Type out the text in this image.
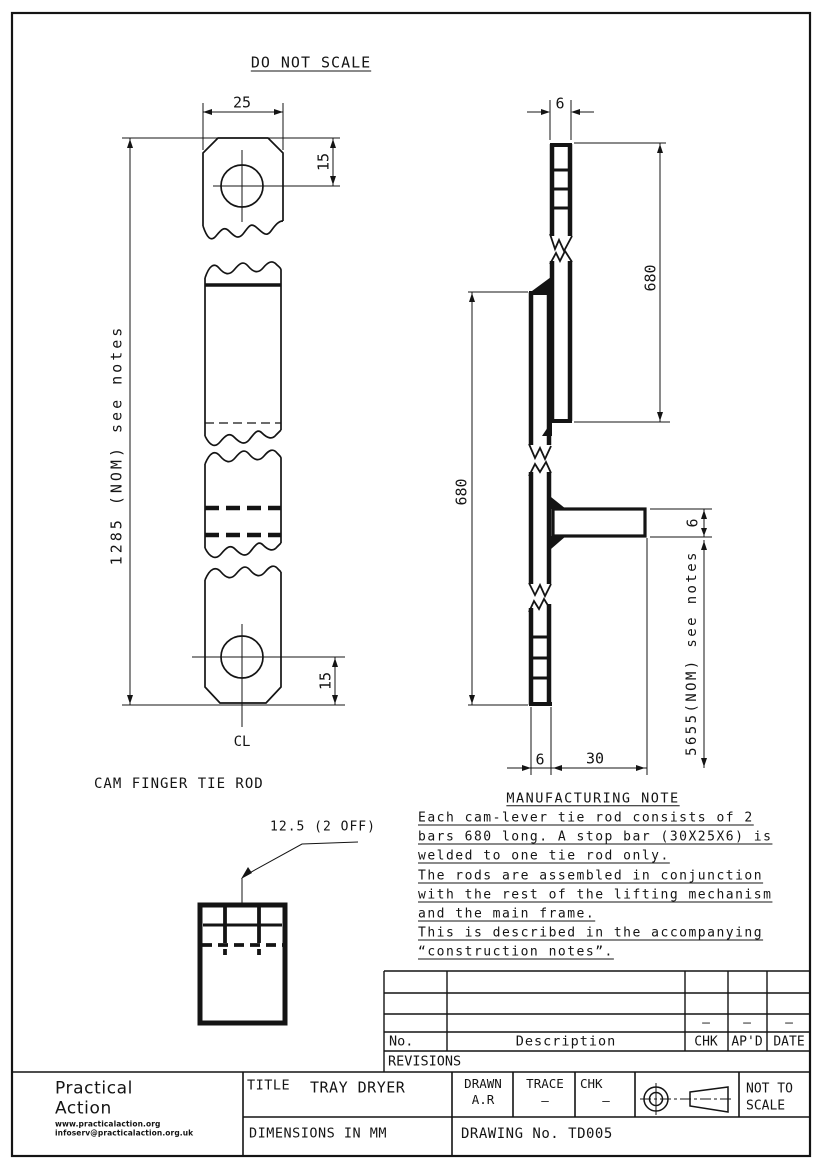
DO NOT SCALE
25
15
1285 (NOM) see notes
15
CL
CAM FINGER TIE ROD
12.5 (2 OFF)
6
680
680
6
5655(NOM) see notes
6	30
MANUFACTURING NOTE
Each cam-lever tie rod consists of 2
bars 680 long. A stop bar (30X25X6) is
welded to one tie rod only.
The rods are assembled in conjunction
with the rest of the lifting mechanism
and the main frame.
This is described in the accompanying
“construction notes”.
No.	Description	CHK AP'D DATE
–	–	–
REVISIONS
Practical
Action
www.practicalaction.org
infoserv@practicalaction.org.uk
TITLE TRAY DRYER
DIMENSIONS IN MM
DRAWN
A.R
TRACE
–
CHK
–
NOT TO
SCALE
DRAWING No. TD005
